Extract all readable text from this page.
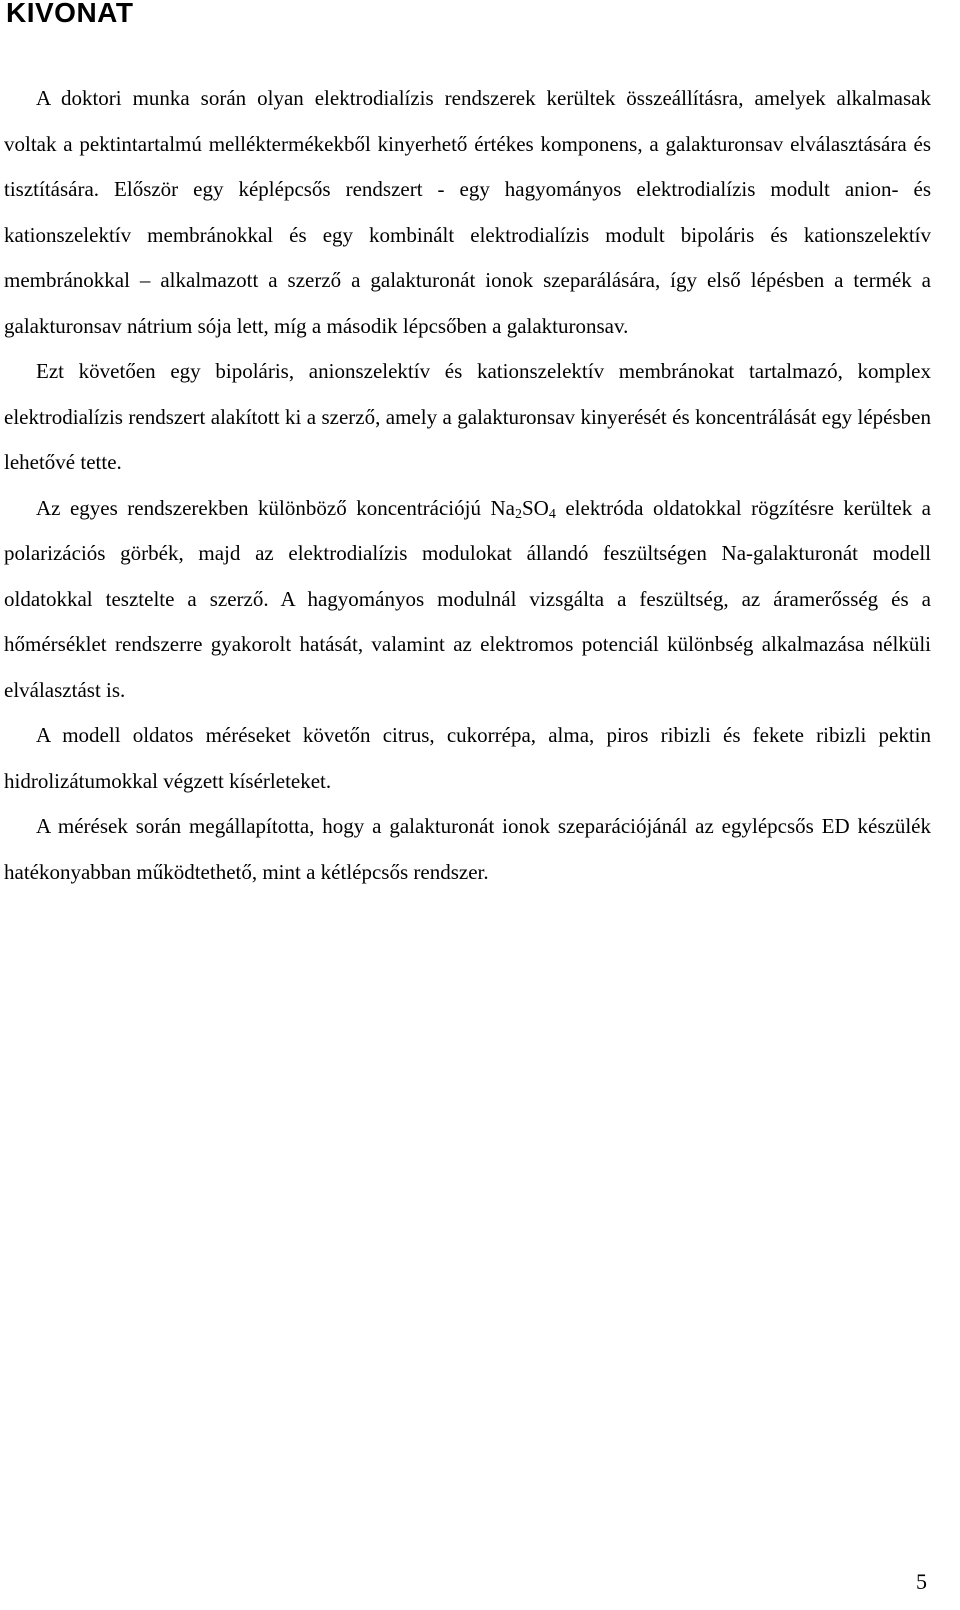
KIVONAT

A doktori munka során olyan elektrodialízis rendszerek kerültek összeállításra, amelyek alkalmasak voltak a pektintartalmú melléktermékekből kinyerhető értékes komponens, a galakturonsav elválasztására és tisztítására. Először egy képlépcsős rendszert - egy hagyományos elektrodialízis modult anion- és kationszelektív membránokkal és egy kombinált elektrodialízis modult bipoláris és kationszelektív membránokkal – alkalmazott a szerző a galakturonát ionok szeparálására, így első lépésben a termék a galakturonsav nátrium sója lett, míg a második lépcsőben a galakturonsav.

Ezt követően egy bipoláris, anionszelektív és kationszelektív membránokat tartalmazó, komplex elektrodialízis rendszert alakított ki a szerző, amely a galakturonsav kinyerését és koncentrálását egy lépésben lehetővé tette.

Az egyes rendszerekben különböző koncentrációjú $Na_2SO_4$ elektróda oldatokkal rögzítésre kerültek a polarizációs görbék, majd az elektrodialízis modulokat állandó feszültségen Na-galakturonát modell oldatokkal tesztelte a szerző. A hagyományos modulnál vizsgálta a feszültség, az áramerősség és a hőmérséklet rendszerre gyakorolt hatását, valamint az elektromos potenciál különbség alkalmazása nélküli elválasztást is.

A modell oldatos méréseket követőn citrus, cukorrépa, alma, piros ribizli és fekete ribizli pektin hidrolizátumokkal végzett kísérleteket.

A mérések során megállapította, hogy a galakturonát ionok szeparációjánál az egylépcsős ED készülék hatékonyabban működtethető, mint a kétlépcsős rendszer.

5
